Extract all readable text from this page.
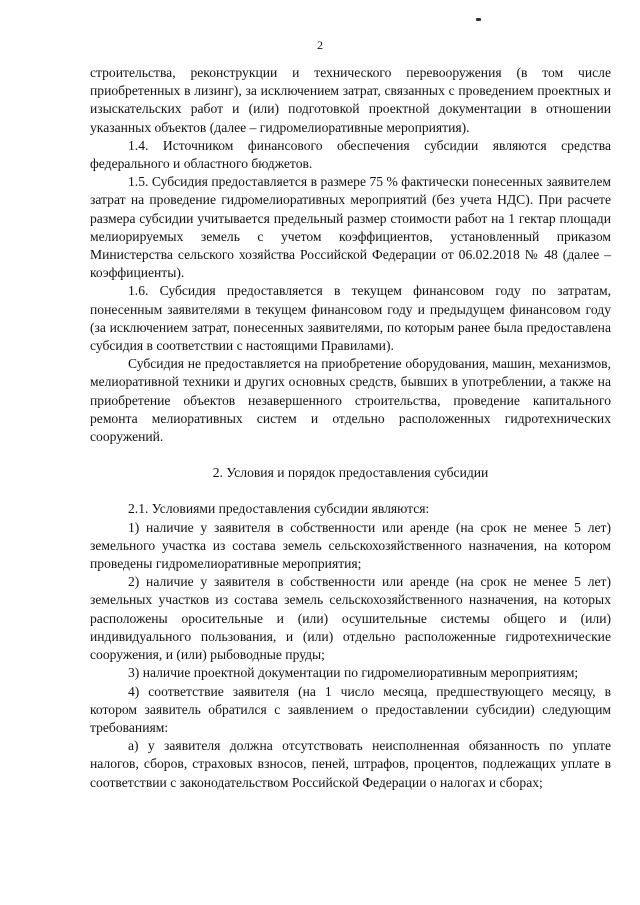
2

строительства, реконструкции и технического перевооружения (в том числе приобретенных в лизинг), за исключением затрат, связанных с проведением проектных и изыскательских работ и (или) подготовкой проектной документации в отношении указанных объектов (далее – гидромелиоративные мероприятия).

1.4. Источником финансового обеспечения субсидии являются средства федерального и областного бюджетов.

1.5. Субсидия предоставляется в размере 75 % фактически понесенных заявителем затрат на проведение гидромелиоративных мероприятий (без учета НДС). При расчете размера субсидии учитывается предельный размер стоимости работ на 1 гектар площади мелиорируемых земель с учетом коэффициентов, установленный приказом Министерства сельского хозяйства Российской Федерации от 06.02.2018 № 48 (далее – коэффициенты).

1.6. Субсидия предоставляется в текущем финансовом году по затратам, понесенным заявителями в текущем финансовом году и предыдущем финансовом году (за исключением затрат, понесенных заявителями, по которым ранее была предоставлена субсидия в соответствии с настоящими Правилами).

Субсидия не предоставляется на приобретение оборудования, машин, механизмов, мелиоративной техники и других основных средств, бывших в употреблении, а также на приобретение объектов незавершенного строительства, проведение капитального ремонта мелиоративных систем и отдельно расположенных гидротехнических сооружений.

2. Условия и порядок предоставления субсидии

2.1. Условиями предоставления субсидии являются:

1) наличие у заявителя в собственности или аренде (на срок не менее 5 лет) земельного участка из состава земель сельскохозяйственного назначения, на котором проведены гидромелиоративные мероприятия;

2) наличие у заявителя в собственности или аренде (на срок не менее 5 лет) земельных участков из состава земель сельскохозяйственного назначения, на которых расположены оросительные и (или) осушительные системы общего и (или) индивидуального пользования, и (или) отдельно расположенные гидротехнические сооружения, и (или) рыбоводные пруды;

3) наличие проектной документации по гидромелиоративным мероприятиям;

4) соответствие заявителя (на 1 число месяца, предшествующего месяцу, в котором заявитель обратился с заявлением о предоставлении субсидии) следующим требованиям:

а) у заявителя должна отсутствовать неисполненная обязанность по уплате налогов, сборов, страховых взносов, пеней, штрафов, процентов, подлежащих уплате в соответствии с законодательством Российской Федерации о налогах и сборах;
